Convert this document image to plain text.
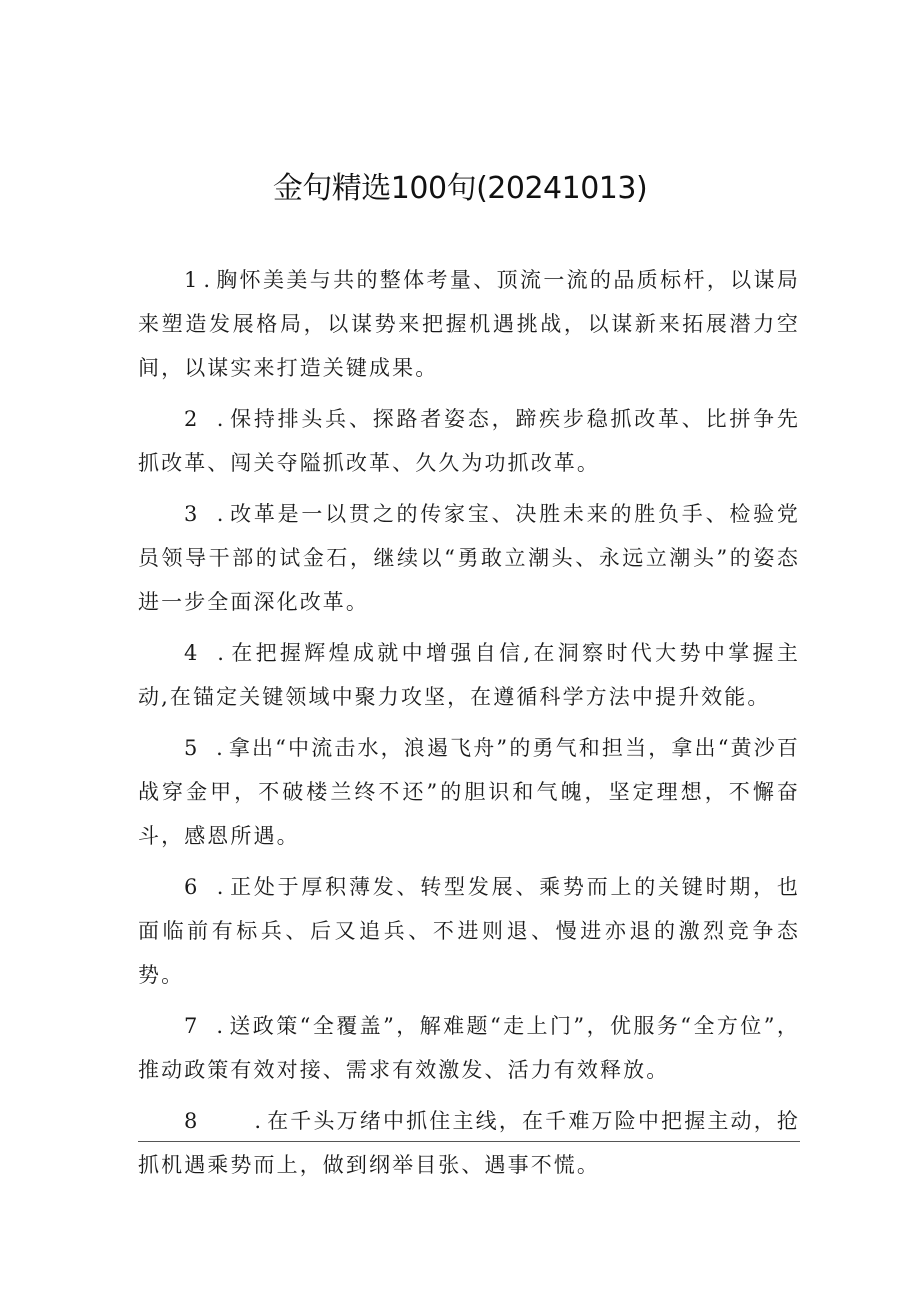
金句精选100句(20241013)

1.胸怀美美与共的整体考量、顶流一流的品质标杆，以谋局来塑造发展格局，以谋势来把握机遇挑战，以谋新来拓展潜力空间，以谋实来打造关键成果。

2 .保持排头兵、探路者姿态，蹄疾步稳抓改革、比拼争先抓改革、闯关夺隘抓改革、久久为功抓改革。

3 .改革是一以贯之的传家宝、决胜未来的胜负手、检验党员领导干部的试金石，继续以“勇敢立潮头、永远立潮头”的姿态进一步全面深化改革。

4 .在把握辉煌成就中增强自信,在洞察时代大势中掌握主动,在锚定关键领域中聚力攻坚，在遵循科学方法中提升效能。

5 .拿出“中流击水，浪遏飞舟”的勇气和担当，拿出“黄沙百战穿金甲，不破楼兰终不还”的胆识和气魄，坚定理想，不懈奋斗，感恩所遇。

6 .正处于厚积薄发、转型发展、乘势而上的关键时期，也面临前有标兵、后又追兵、不进则退、慢进亦退的激烈竞争态势。

7 .送政策“全覆盖”，解难题“走上门”，优服务“全方位”，推动政策有效对接、需求有效激发、活力有效释放。

8    .在千头万绪中抓住主线，在千难万险中把握主动，抢抓机遇乘势而上，做到纲举目张、遇事不慌。
